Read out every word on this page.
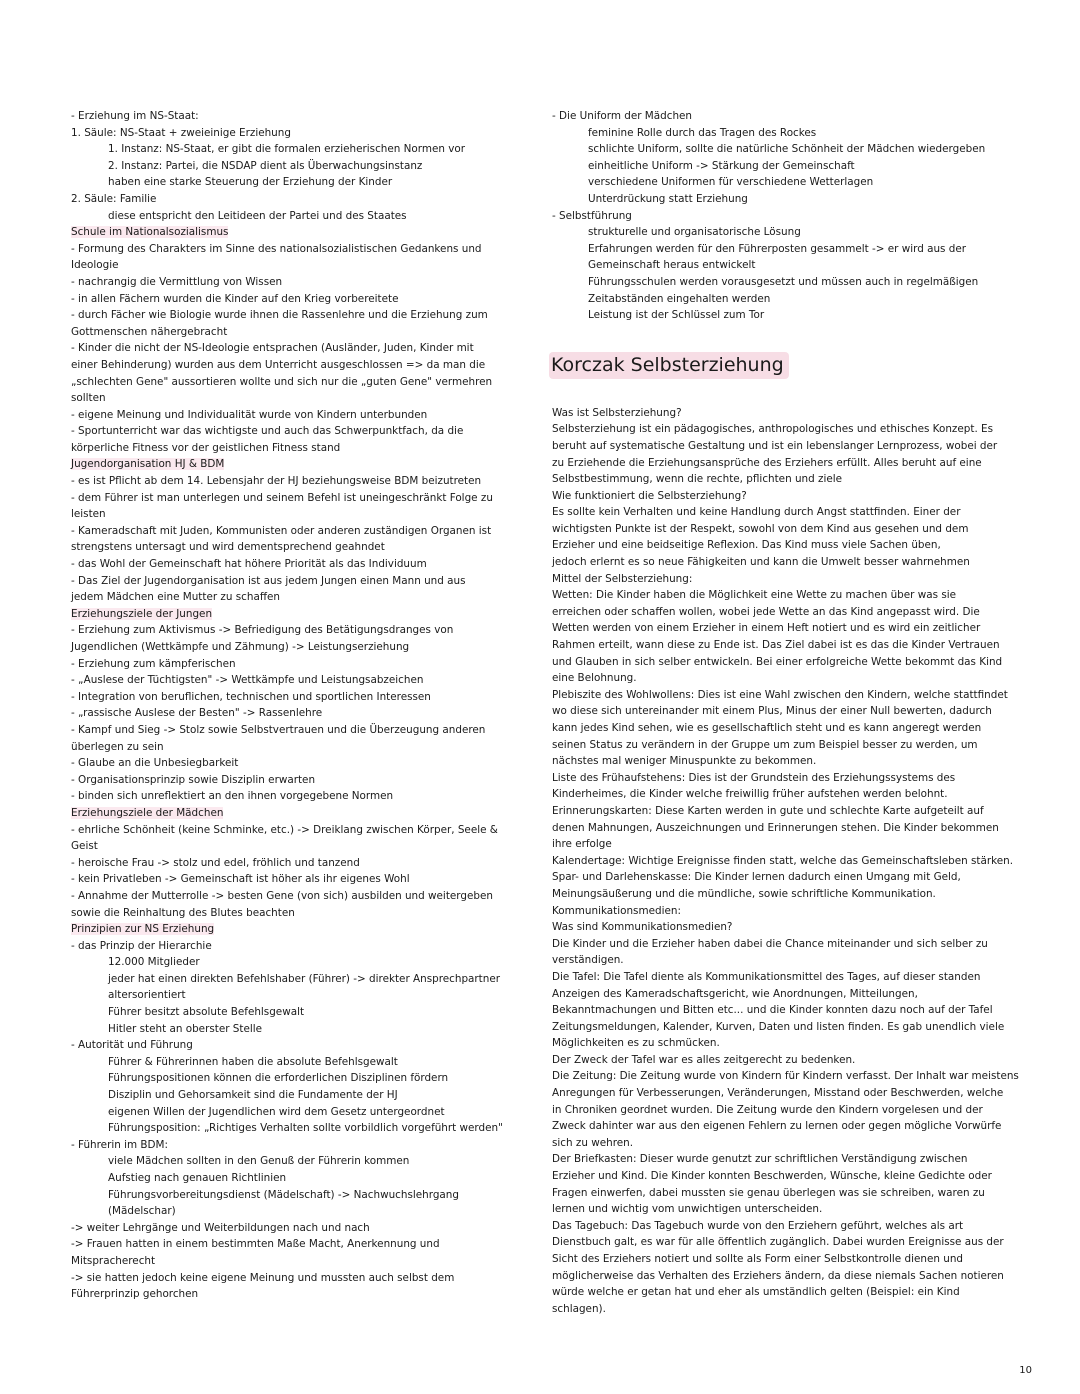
- Erziehung im NS-Staat:
1. Säule: NS-Staat + zweieinige Erziehung
1. Instanz: NS-Staat, er gibt die formalen erzieherischen Normen vor
2. Instanz: Partei, die NSDAP dient als Überwachungsinstanz
haben eine starke Steuerung der Erziehung der Kinder
2. Säule: Familie
diese entspricht den Leitideen der Partei und des Staates
Schule im Nationalsozialismus
- Formung des Charakters im Sinne des nationalsozialistischen Gedankens und
Ideologie
- nachrangig die Vermittlung von Wissen
- in allen Fächern wurden die Kinder auf den Krieg vorbereitete
- durch Fächer wie Biologie wurde ihnen die Rassenlehre und die Erziehung zum
Gottmenschen nähergebracht
- Kinder die nicht der NS-Ideologie entsprachen (Ausländer, Juden, Kinder mit
einer Behinderung) wurden aus dem Unterricht ausgeschlossen => da man die
„schlechten Gene" aussortieren wollte und sich nur die „guten Gene" vermehren
sollten
- eigene Meinung und Individualität wurde von Kindern unterbunden
- Sportunterricht war das wichtigste und auch das Schwerpunktfach, da die
körperliche Fitness vor der geistlichen Fitness stand
Jugendorganisation HJ & BDM
- es ist Pflicht ab dem 14. Lebensjahr der HJ beziehungsweise BDM beizutreten
- dem Führer ist man unterlegen und seinem Befehl ist uneingeschränkt Folge zu
leisten
- Kameradschaft mit Juden, Kommunisten oder anderen zuständigen Organen ist
strengstens untersagt und wird dementsprechend geahndet
- das Wohl der Gemeinschaft hat höhere Priorität als das Individuum
- Das Ziel der Jugendorganisation ist aus jedem Jungen einen Mann und aus
jedem Mädchen eine Mutter zu schaffen
Erziehungsziele der Jungen
- Erziehung zum Aktivismus -> Befriedigung des Betätigungsdranges von
Jugendlichen (Wettkämpfe und Zähmung) -> Leistungserziehung
- Erziehung zum kämpferischen
- „Auslese der Tüchtigsten" -> Wettkämpfe und Leistungsabzeichen
- Integration von beruflichen, technischen und sportlichen Interessen
- „rassische Auslese der Besten" -> Rassenlehre
- Kampf und Sieg -> Stolz sowie Selbstvertrauen und die Überzeugung anderen
überlegen zu sein
- Glaube an die Unbesiegbarkeit
- Organisationsprinzip sowie Disziplin erwarten
- binden sich unreflektiert an den ihnen vorgegebene Normen
Erziehungsziele der Mädchen
- ehrliche Schönheit (keine Schminke, etc.) -> Dreiklang zwischen Körper, Seele &
Geist
- heroische Frau -> stolz und edel, fröhlich und tanzend
- kein Privatleben -> Gemeinschaft ist höher als ihr eigenes Wohl
- Annahme der Mutterrolle -> besten Gene (von sich) ausbilden und weitergeben
sowie die Reinhaltung des Blutes beachten
Prinzipien zur NS Erziehung
- das Prinzip der Hierarchie
12.000 Mitglieder
jeder hat einen direkten Befehlshaber (Führer) -> direkter Ansprechpartner
altersorientiert
Führer besitzt absolute Befehlsgewalt
Hitler steht an oberster Stelle
- Autorität und Führung
Führer & Führerinnen haben die absolute Befehlsgewalt
Führungspositionen können die erforderlichen Disziplinen fördern
Disziplin und Gehorsamkeit sind die Fundamente der HJ
eigenen Willen der Jugendlichen wird dem Gesetz untergeordnet
Führungsposition: „Richtiges Verhalten sollte vorbildlich vorgeführt werden"
- Führerin im BDM:
viele Mädchen sollten in den Genuß der Führerin kommen
Aufstieg nach genauen Richtlinien
Führungsvorbereitungsdienst (Mädelschaft) -> Nachwuchslehrgang
(Mädelschar)
-> weiter Lehrgänge und Weiterbildungen nach und nach
-> Frauen hatten in einem bestimmten Maße Macht, Anerkennung und
Mitspracherecht
-> sie hatten jedoch keine eigene Meinung und mussten auch selbst dem
Führerprinzip gehorchen
- Die Uniform der Mädchen
feminine Rolle durch das Tragen des Rockes
schlichte Uniform, sollte die natürliche Schönheit der Mädchen wiedergeben
einheitliche Uniform -> Stärkung der Gemeinschaft
verschiedene Uniformen für verschiedene Wetterlagen
Unterdrückung statt Erziehung
- Selbstführung
strukturelle und organisatorische Lösung
Erfahrungen werden für den Führerposten gesammelt -> er wird aus der
Gemeinschaft heraus entwickelt
Führungsschulen werden vorausgesetzt und müssen auch in regelmäßigen
Zeitabständen eingehalten werden
Leistung ist der Schlüssel zum Tor
Korczak Selbsterziehung
Was ist Selbsterziehung?
Selbsterziehung ist ein pädagogisches, anthropologisches und ethisches Konzept. Es
beruht auf systematische Gestaltung und ist ein lebenslanger Lernprozess, wobei der
zu Erziehende die Erziehungsansprüche des Erziehers erfüllt. Alles beruht auf eine
Selbstbestimmung, wenn die rechte, pflichten und ziele
Wie funktioniert die Selbsterziehung?
Es sollte kein Verhalten und keine Handlung durch Angst stattfinden. Einer der
wichtigsten Punkte ist der Respekt, sowohl von dem Kind aus gesehen und dem
Erzieher und eine beidseitige Reflexion. Das Kind muss viele Sachen üben,
jedoch erlernt es so neue Fähigkeiten und kann die Umwelt besser wahrnehmen
Mittel der Selbsterziehung:
Wetten: Die Kinder haben die Möglichkeit eine Wette zu machen über was sie
erreichen oder schaffen wollen, wobei jede Wette an das Kind angepasst wird. Die
Wetten werden von einem Erzieher in einem Heft notiert und es wird ein zeitlicher
Rahmen erteilt, wann diese zu Ende ist. Das Ziel dabei ist es das die Kinder Vertrauen
und Glauben in sich selber entwickeln. Bei einer erfolgreiche Wette bekommt das Kind
eine Belohnung.
Plebiszite des Wohlwollens: Dies ist eine Wahl zwischen den Kindern, welche stattfindet
wo diese sich untereinander mit einem Plus, Minus der einer Null bewerten, dadurch
kann jedes Kind sehen, wie es gesellschaftlich steht und es kann angeregt werden
seinen Status zu verändern in der Gruppe um zum Beispiel besser zu werden, um
nächstes mal weniger Minuspunkte zu bekommen.
Liste des Frühaufstehens: Dies ist der Grundstein des Erziehungssystems des
Kinderheimes, die Kinder welche freiwillig früher aufstehen werden belohnt.
Erinnerungskarten: Diese Karten werden in gute und schlechte Karte aufgeteilt auf
denen Mahnungen, Auszeichnungen und Erinnerungen stehen. Die Kinder bekommen
ihre erfolge
Kalendertage: Wichtige Ereignisse finden statt, welche das Gemeinschaftsleben stärken.
Spar- und Darlehenskasse: Die Kinder lernen dadurch einen Umgang mit Geld,
Meinungsäußerung und die mündliche, sowie schriftliche Kommunikation.
Kommunikationsmedien:
Was sind Kommunikationsmedien?
Die Kinder und die Erzieher haben dabei die Chance miteinander und sich selber zu
verständigen.
Die Tafel: Die Tafel diente als Kommunikationsmittel des Tages, auf dieser standen
Anzeigen des Kameradschaftsgericht, wie Anordnungen, Mitteilungen,
Bekanntmachungen und Bitten etc... und die Kinder konnten dazu noch auf der Tafel
Zeitungsmeldungen, Kalender, Kurven, Daten und listen finden. Es gab unendlich viele
Möglichkeiten es zu schmücken.
Der Zweck der Tafel war es alles zeitgerecht zu bedenken.
Die Zeitung: Die Zeitung wurde von Kindern für Kindern verfasst. Der Inhalt war meistens
Anregungen für Verbesserungen, Veränderungen, Misstand oder Beschwerden, welche
in Chroniken geordnet wurden. Die Zeitung wurde den Kindern vorgelesen und der
Zweck dahinter war aus den eigenen Fehlern zu lernen oder gegen mögliche Vorwürfe
sich zu wehren.
Der Briefkasten: Dieser wurde genutzt zur schriftlichen Verständigung zwischen
Erzieher und Kind. Die Kinder konnten Beschwerden, Wünsche, kleine Gedichte oder
Fragen einwerfen, dabei mussten sie genau überlegen was sie schreiben, waren zu
lernen und wichtig vom unwichtigen unterscheiden.
Das Tagebuch: Das Tagebuch wurde von den Erziehern geführt, welches als art
Dienstbuch galt, es war für alle öffentlich zugänglich. Dabei wurden Ereignisse aus der
Sicht des Erziehers notiert und sollte als Form einer Selbstkontrolle dienen und
möglicherweise das Verhalten des Erziehers ändern, da diese niemals Sachen notieren
würde welche er getan hat und eher als umständlich gelten (Beispiel: ein Kind
schlagen).
10
